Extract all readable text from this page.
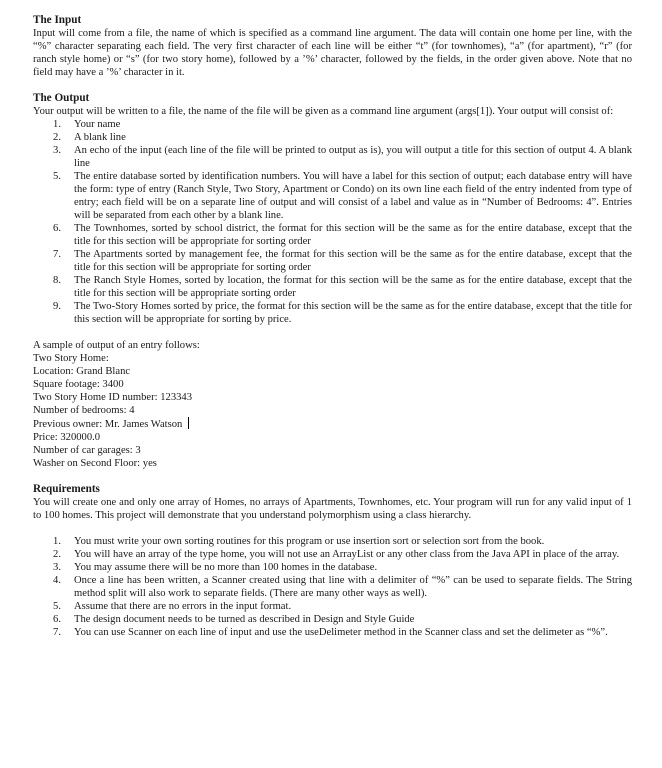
The Input

Input will come from a file, the name of which is specified as a command line argument. The data will contain one home per line, with the “%” character separating each field. The very first character of each line will be either “t” (for townhomes), “a” (for apartment), “r” (for ranch style home) or “s” (for two story home), followed by a ’%’ character, followed by the fields, in the order given above. Note that no field may have a ’%’ character in it.

The Output

Your output will be written to a file, the name of the file will be given as a command line argument (args[1]). Your output will consist of:

1.	Your name
2.	A blank line
3.	An echo of the input (each line of the file will be printed to output as is), you will output a title for this section of output 4. A blank line
5.	The entire database sorted by identification numbers. You will have a label for this section of output; each database entry will have the form: type of entry (Ranch Style, Two Story, Apartment or Condo) on its own line each field of the entry indented from type of entry; each field will be on a separate line of output and will consist of a label and value as in “Number of Bedrooms: 4”. Entries will be separated from each other by a blank line.
6.	The Townhomes, sorted by school district, the format for this section will be the same as for the entire database, except that the title for this section will be appropriate for sorting order
7.	The Apartments sorted by management fee, the format for this section will be the same as for the entire database, except that the title for this section will be appropriate for sorting order
8.	The Ranch Style Homes, sorted by location, the format for this section will be the same as for the entire database, except that the title for this section will be appropriate sorting order
9.	The Two-Story Homes sorted by price, the format for this section will be the same as for the entire database, except that the title for this section will be appropriate for sorting by price.
A sample of output of an entry follows:
Two Story Home:
Location: Grand Blanc
Square footage: 3400
Two Story Home ID number: 123343
Number of bedrooms: 4
Previous owner: Mr. James Watson
Price: 320000.0
Number of car garages: 3
Washer on Second Floor: yes
Requirements

You will create one and only one array of Homes, no arrays of Apartments, Townhomes, etc. Your program will run for any valid input of 1 to 100 homes. This project will demonstrate that you understand polymorphism using a class hierarchy.

1.	You must write your own sorting routines for this program or use insertion sort or selection sort from the book.
2.	You will have an array of the type home, you will not use an ArrayList or any other class from the Java API in place of the array.
3.	You may assume there will be no more than 100 homes in the database.
4.	Once a line has been written, a Scanner created using that line with a delimiter of “%” can be used to separate fields. The String method split will also work to separate fields. (There are many other ways as well).
5.	Assume that there are no errors in the input format.
6.	The design document needs to be turned as described in Design and Style Guide
7.	You can use Scanner on each line of input and use the useDelimeter method in the Scanner class and set the delimeter as “%”.
